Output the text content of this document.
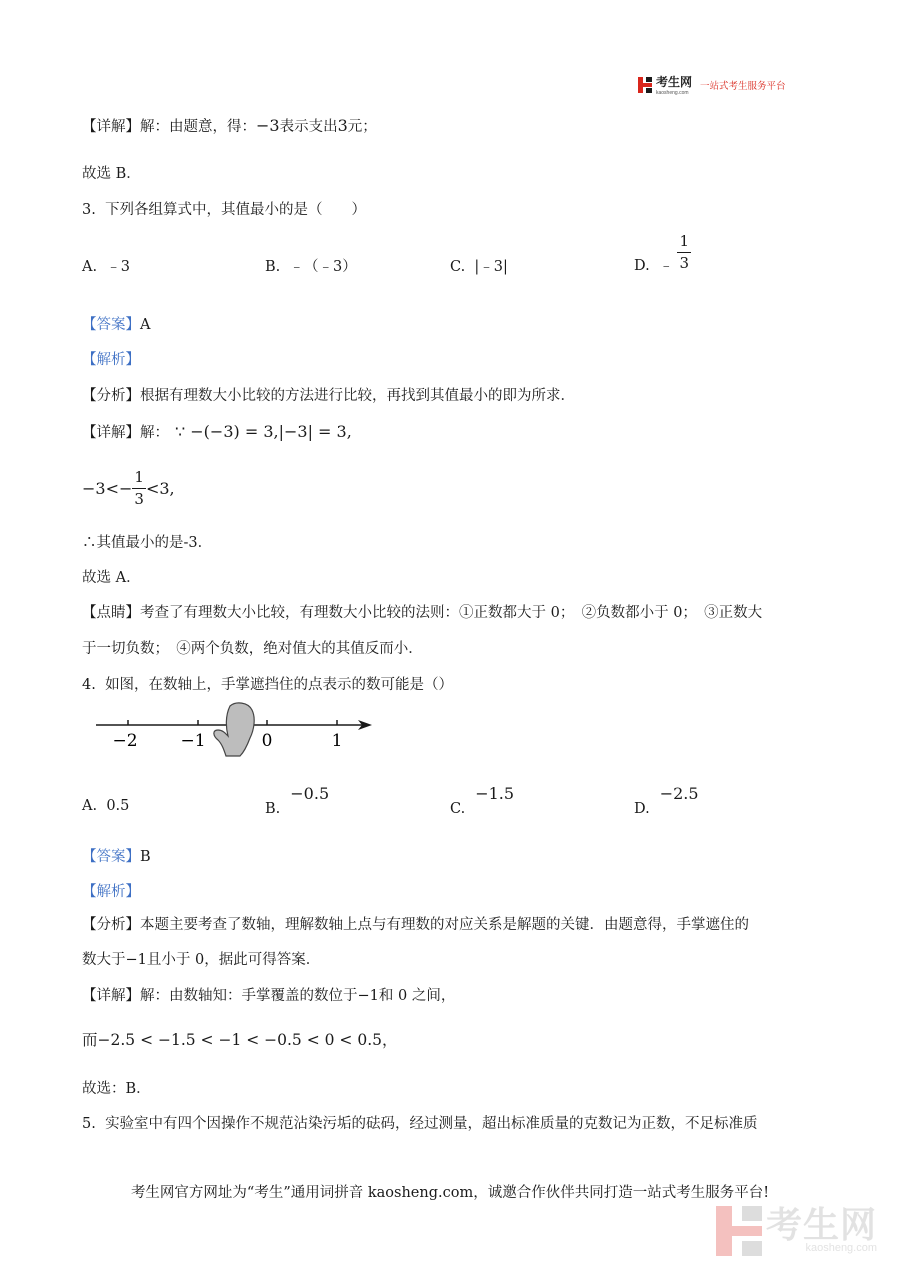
考生网
kaosheng.com
一站式考生服务平台
【详解】解：由题意，得：−3表示支出3元；
故选 B．
3. 下列各组算式中，其值最小的是（　　）
A. ﹣3	B. ﹣（﹣3）	C. |﹣3|	D.
﹣ $\frac{1}{3}$
【答案】A
【解析】
【分析】根据有理数大小比较的方法进行比较，再找到其值最小的即为所求．
【详解】解： ∵ −(−3) = 3,|−3| = 3,
$-3<- \frac{1}{3} <3$,
∴其值最小的是-3．
故选 A．
【点睛】考查了有理数大小比较，有理数大小比较的法则：①正数都大于 0；　②负数都小于 0；　③正数大
于一切负数；　④两个负数，绝对值大的其值反而小．
4. 如图，在数轴上，手掌遮挡住的点表示的数可能是（）
−2	−1	0	1
A. 0.5	B.−0.5
C.−1.5
D.−2.5
【答案】B
【解析】
【分析】本题主要考查了数轴，理解数轴上点与有理数的对应关系是解题的关键．由题意得，手掌遮住的
数大于−1且小于 0，据此可得答案．
【详解】解：由数轴知：手掌覆盖的数位于−1和 0 之间，
而−2.5 < −1.5 < −1 < −0.5 < 0 < 0.5，
故选：B．
5. 实验室中有四个因操作不规范沾染污垢的砝码，经过测量，超出标准质量的克数记为正数，不足标准质
考生网官方网址为“考生”通用词拼音 kaosheng.com，诚邀合作伙伴共同打造一站式考生服务平台!
考生网
kaosheng.com
